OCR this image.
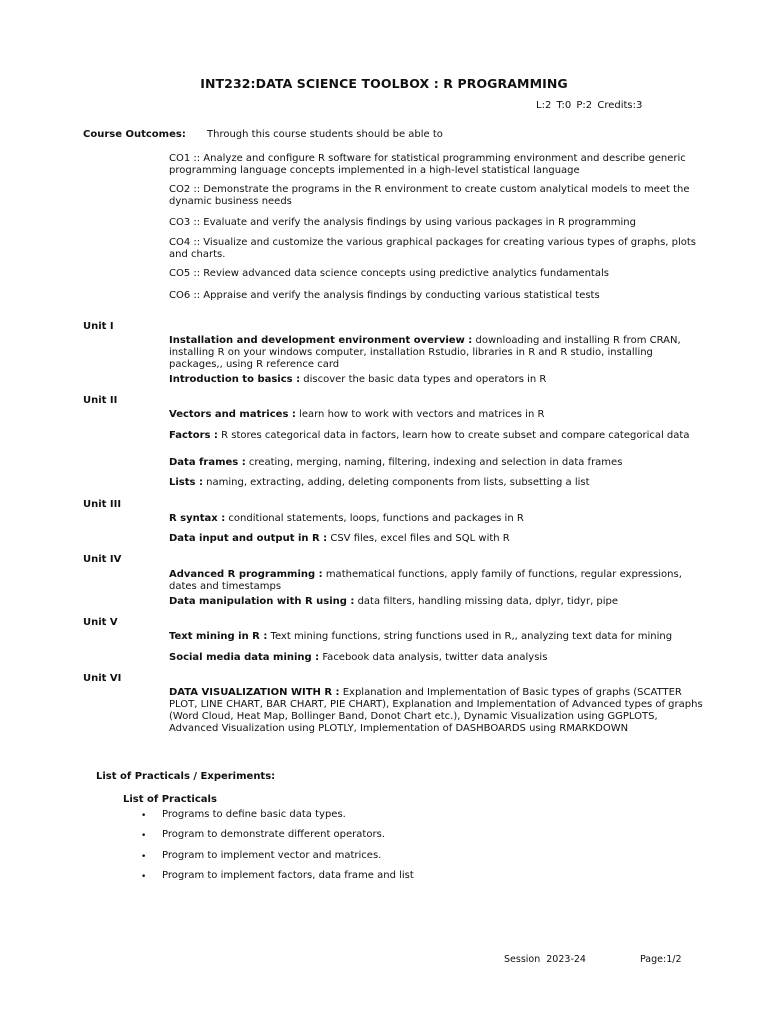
INT232:DATA SCIENCE TOOLBOX : R PROGRAMMING
L:2 T:0 P:2 Credits:3
Course Outcomes: Through this course students should be able to
CO1 :: Analyze and configure R software for statistical programming environment and describe generic programming language concepts implemented in a high-level statistical language
CO2 :: Demonstrate the programs in the R environment to create custom analytical models to meet the dynamic business needs
CO3 :: Evaluate and verify the analysis findings by using various packages in R programming
CO4 :: Visualize and customize the various graphical packages for creating various types of graphs, plots and charts.
CO5 :: Review advanced data science concepts using predictive analytics fundamentals
CO6 :: Appraise and verify the analysis findings by conducting various statistical tests
Unit I
Installation and development environment overview : downloading and installing R from CRAN, installing R on your windows computer, installation Rstudio, libraries in R and R studio, installing packages,, using R reference card
Introduction to basics : discover the basic data types and operators in R
Unit II
Vectors and matrices : learn how to work with vectors and matrices in R
Factors : R stores categorical data in factors, learn how to create subset and compare categorical data
Data frames : creating, merging, naming, filtering, indexing and selection in data frames
Lists : naming, extracting, adding, deleting components from lists, subsetting a list
Unit III
R syntax : conditional statements, loops, functions and packages in R
Data input and output in R : CSV files, excel files and SQL with R
Unit IV
Advanced R programming : mathematical functions, apply family of functions, regular expressions, dates and timestamps
Data manipulation with R using : data filters, handling missing data, dplyr, tidyr, pipe
Unit V
Text mining in R : Text mining functions, string functions used in R,, analyzing text data for mining
Social media data mining : Facebook data analysis, twitter data analysis
Unit VI
DATA VISUALIZATION WITH R : Explanation and Implementation of Basic types of graphs (SCATTER PLOT, LINE CHART, BAR CHART, PIE CHART), Explanation and Implementation of Advanced types of graphs (Word Cloud, Heat Map, Bollinger Band, Donot Chart etc.), Dynamic Visualization using GGPLOTS, Advanced Visualization using PLOTLY, Implementation of DASHBOARDS using RMARKDOWN
List of Practicals / Experiments:
List of Practicals
• Programs to define basic data types.
• Program to demonstrate different operators.
• Program to implement vector and matrices.
• Program to implement factors, data frame and list
Session 2023-24	Page:1/2
